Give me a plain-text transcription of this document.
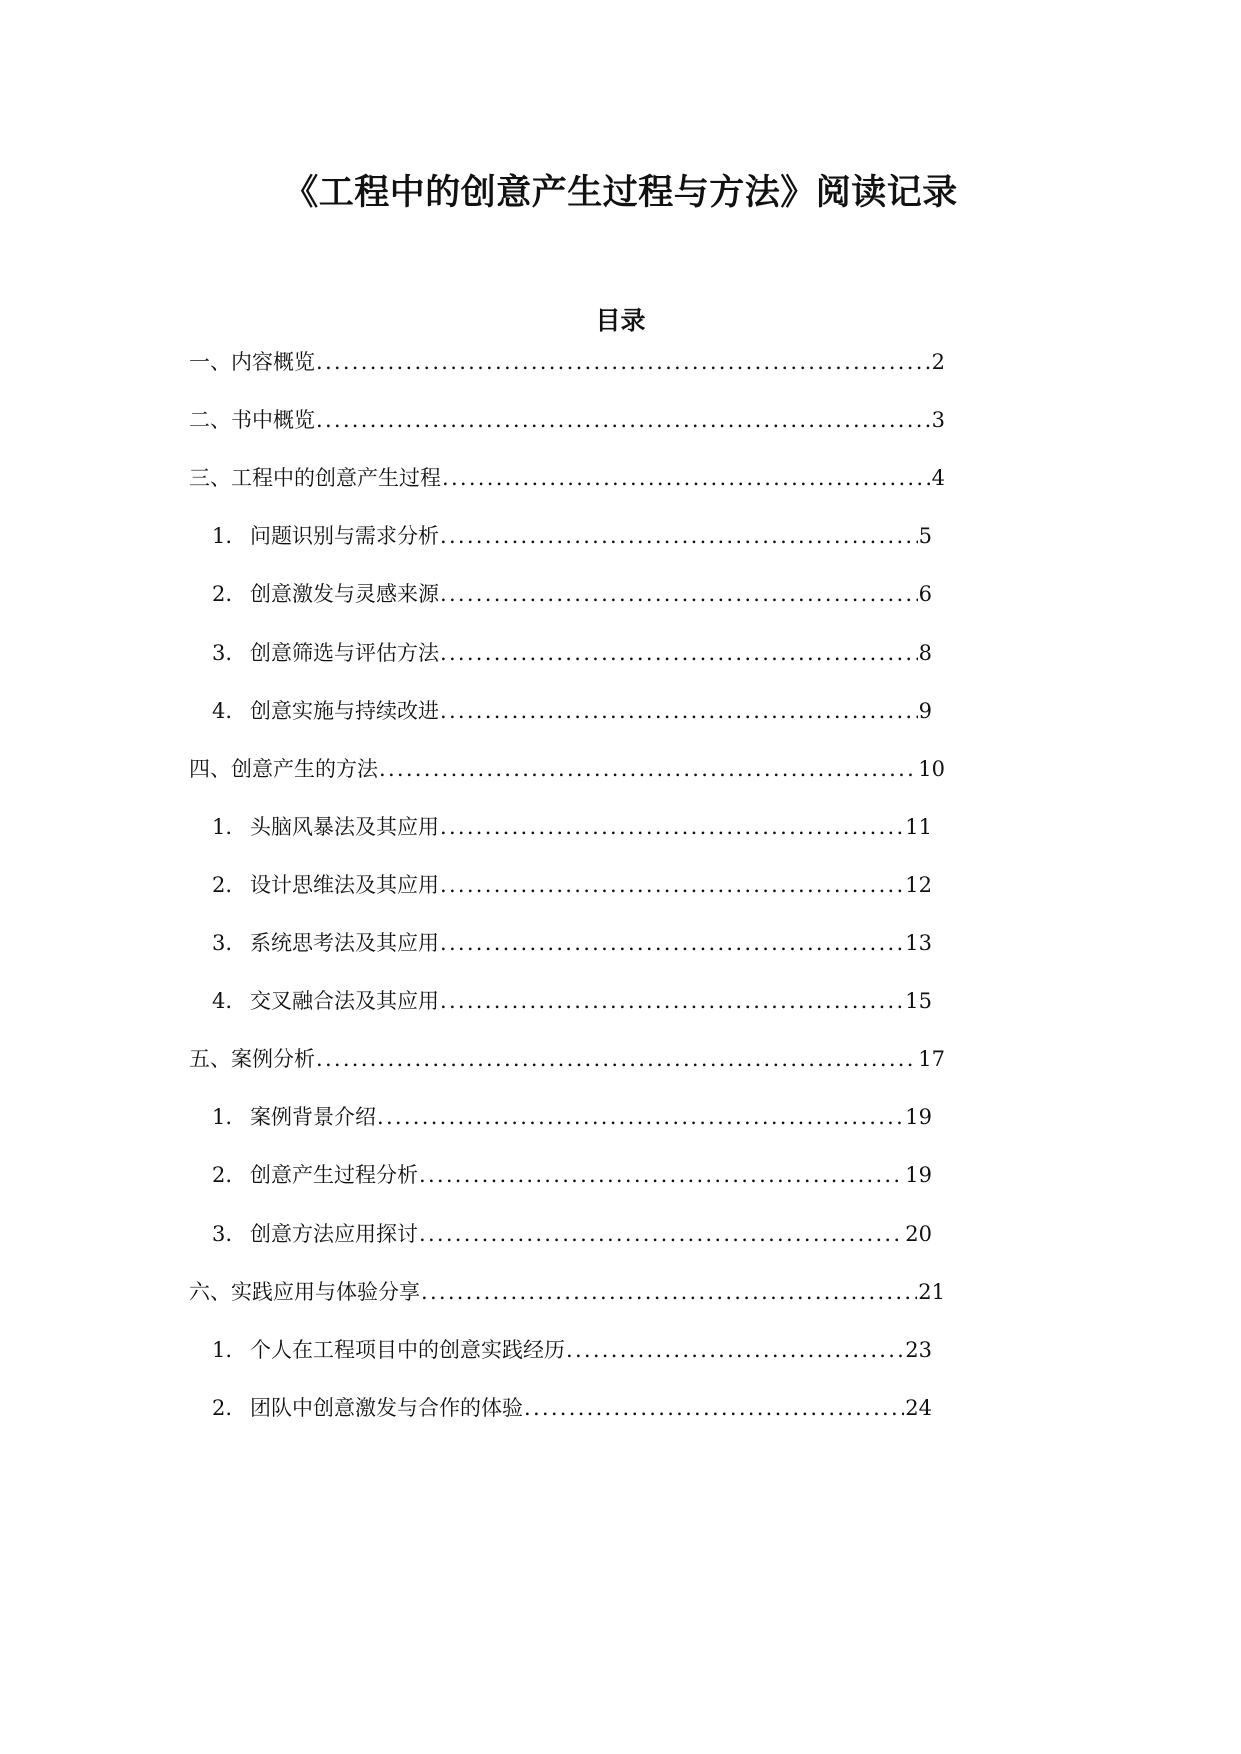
《工程中的创意产生过程与方法》阅读记录
目录
一、内容概览 . . .	2
二、书中概览 . . .	3
三、工程中的创意产生过程 . . .	4
1. 问题识别与需求分析 . . .	5
2. 创意激发与灵感来源 . . .	6
3. 创意筛选与评估方法 . . .	8
4. 创意实施与持续改进 . . .	9
四、创意产生的方法 . . .	10
1. 头脑风暴法及其应用 . . .	11
2. 设计思维法及其应用 . . .	12
3. 系统思考法及其应用 . . .	13
4. 交叉融合法及其应用 . . .	15
五、案例分析 . . .	17
1. 案例背景介绍 . . .	19
2. 创意产生过程分析 . . .	19
3. 创意方法应用探讨 . . .	20
六、实践应用与体验分享 . . .	21
1. 个人在工程项目中的创意实践经历 . . .	23
2. 团队中创意激发与合作的体验 . . .	24
